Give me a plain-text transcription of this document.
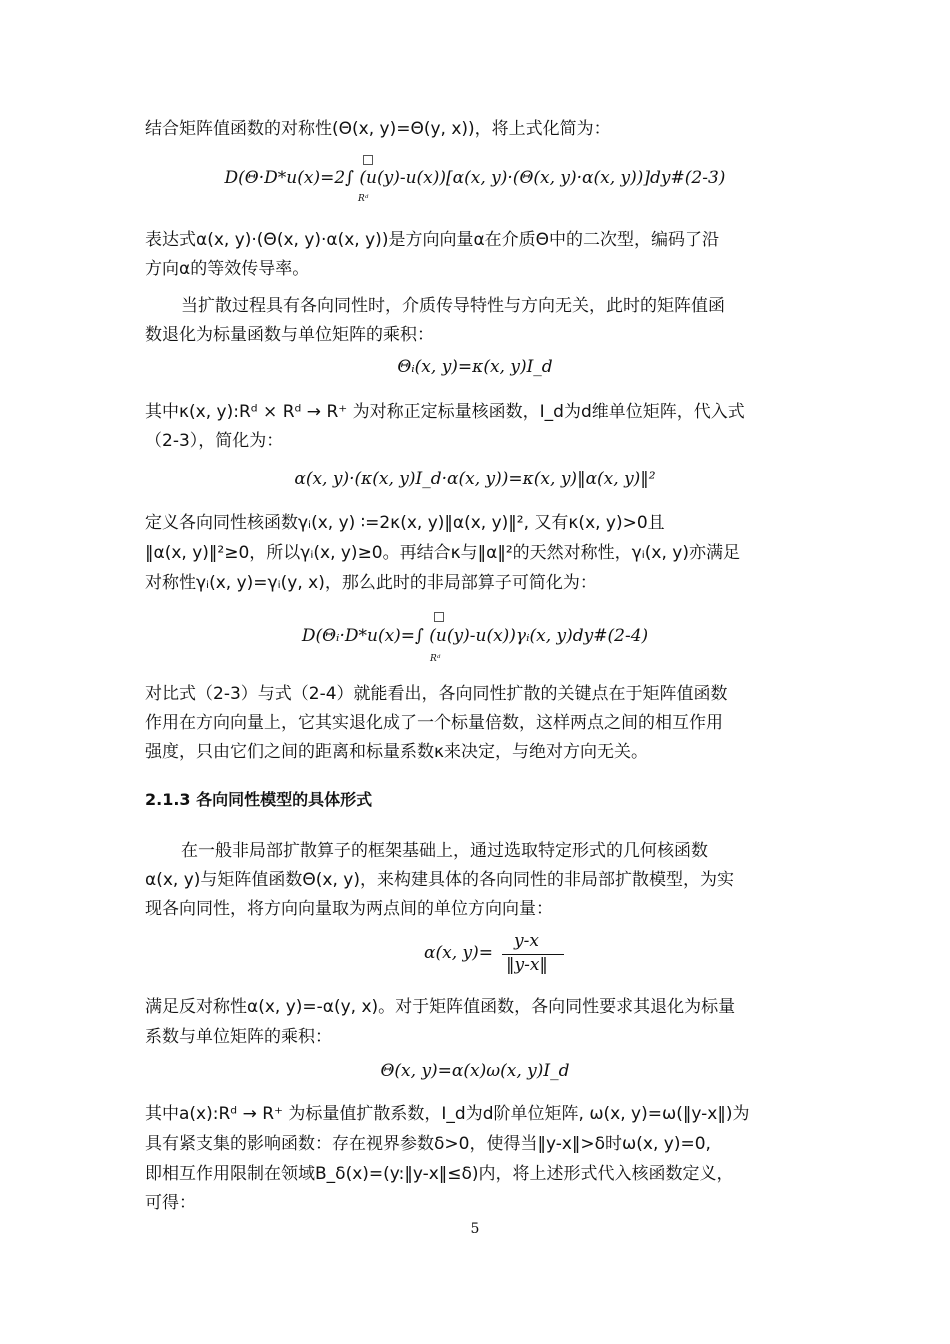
结合矩阵值函数的对称性(Θ(x, y)=Θ(y, x))，将上式化简为：
D(Θ·D*u(x)=2∫ (u(y)-u(x))[α(x, y)·(Θ(x, y)·α(x, y))]dy#(2-3)
Rᵈ
表达式α(x, y)·(Θ(x, y)·α(x, y))是方向向量α在介质Θ中的二次型，编码了沿
方向α的等效传导率。
当扩散过程具有各向同性时，介质传导特性与方向无关，此时的矩阵值函
数退化为标量函数与单位矩阵的乘积：
Θᵢ(x, y)=κ(x, y)I_d
其中κ(x, y):Rᵈ × Rᵈ → R⁺ 为对称正定标量核函数，I_d为d维单位矩阵，代入式
（2-3），简化为：
α(x, y)·(κ(x, y)I_d·α(x, y))=κ(x, y)‖α(x, y)‖²
定义各向同性核函数γᵢ(x, y) ∶=2κ(x, y)‖α(x, y)‖², 又有κ(x, y)>0且
‖α(x, y)‖²≥0，所以γᵢ(x, y)≥0。再结合κ与‖α‖²的天然对称性，γᵢ(x, y)亦满足
对称性γᵢ(x, y)=γᵢ(y, x)，那么此时的非局部算子可简化为：
D(Θᵢ·D*u(x)=∫ (u(y)-u(x))γᵢ(x, y)dy#(2-4)
Rᵈ
对比式（2-3）与式（2-4）就能看出，各向同性扩散的关键点在于矩阵值函数
作用在方向向量上，它其实退化成了一个标量倍数，这样两点之间的相互作用
强度，只由它们之间的距离和标量系数κ来决定，与绝对方向无关。
2.1.3 各向同性模型的具体形式
在一般非局部扩散算子的框架基础上，通过选取特定形式的几何核函数
α(x, y)与矩阵值函数Θ(x, y)，来构建具体的各向同性的非局部扩散模型，为实
现各向同性，将方向向量取为两点间的单位方向向量：
α(x, y)=
y-x
‖y-x‖
满足反对称性α(x, y)=-α(y, x)。对于矩阵值函数，各向同性要求其退化为标量
系数与单位矩阵的乘积：
Θ(x, y)=α(x)ω(x, y)I_d
其中a(x):Rᵈ → R⁺ 为标量值扩散系数，I_d为d阶单位矩阵, ω(x, y)=ω(‖y-x‖)为
具有紧支集的影响函数：存在视界参数δ>0，使得当‖y-x‖>δ时ω(x, y)=0,
即相互作用限制在领域B_δ(x)=(y:‖y-x‖≤δ)内，将上述形式代入核函数定义，
可得：
5
